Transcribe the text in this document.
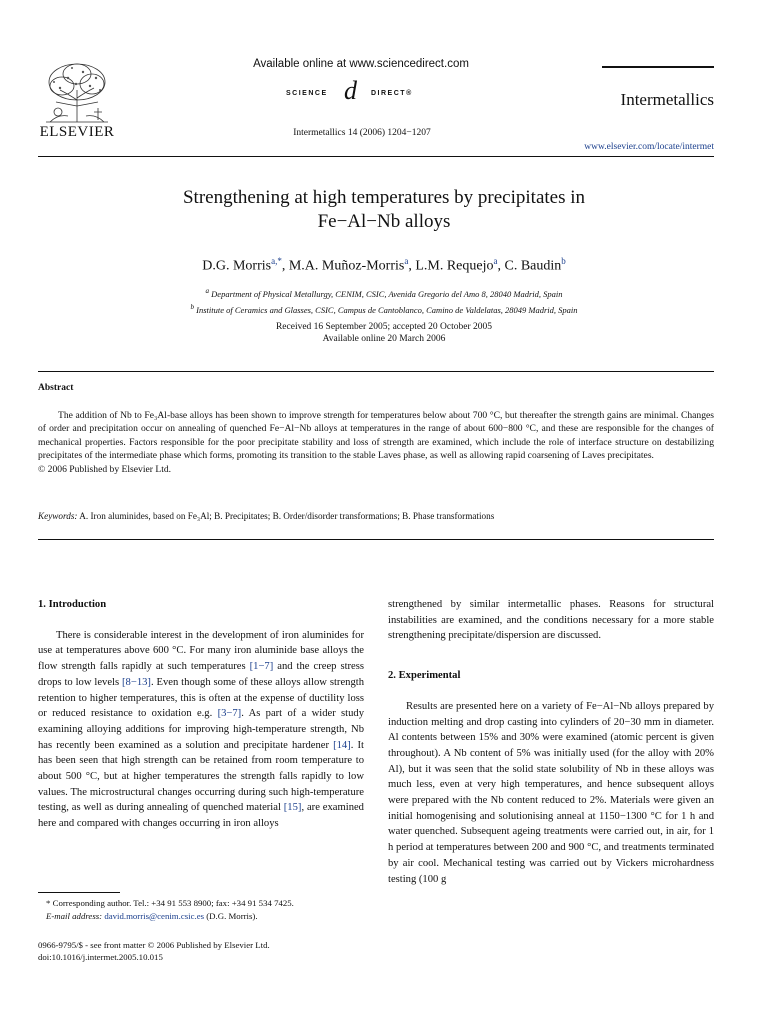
ELSEVIER
Available online at www.sciencedirect.com
SCIENCE d DIRECT®
Intermetallics 14 (2006) 1204−1207
Intermetallics
www.elsevier.com/locate/intermet
Strengthening at high temperatures by precipitates in
Fe−Al−Nb alloys
D.G. Morris$^{a,*}$, M.A. Muñoz-Morris$^a$, L.M. Requejo$^a$, C. Baudin$^b$
$^a$ Department of Physical Metallurgy, CENIM, CSIC, Avenida Gregorio del Amo 8, 28040 Madrid, Spain
$^b$ Institute of Ceramics and Glasses, CSIC, Campus de Cantoblanco, Camino de Valdelatas, 28049 Madrid, Spain
Received 16 September 2005; accepted 20 October 2005
Available online 20 March 2006
Abstract

The addition of Nb to Fe₃Al-base alloys has been shown to improve strength for temperatures below about 700 °C, but thereafter the strength gains are minimal. Changes of order and precipitation occur on annealing of quenched Fe−Al−Nb alloys at temperatures in the range of about 600−800 °C, and these are responsible for the changes of mechanical properties. Factors responsible for the poor precipitate stability and loss of strength are examined, which include the role of interface structure on destabilizing precipitates of the intermediate phase which forms, promoting its transition to the stable Laves phase, as well as allowing rapid coarsening of Laves precipitates.

© 2006 Published by Elsevier Ltd.

Keywords: A. Iron aluminides, based on Fe₃Al; B. Precipitates; B. Order/disorder transformations; B. Phase transformations
1. Introduction

There is considerable interest in the development of iron aluminides for use at temperatures above 600 °C. For many iron aluminide base alloys the flow strength falls rapidly at such temperatures [1−7] and the creep stress drops to low levels [8−13]. Even though some of these alloys allow strength retention to higher temperatures, this is often at the expense of ductility loss or reduced resistance to oxidation e.g. [3−7]. As part of a wider study examining alloying additions for improving high-temperature strength, Nb has recently been examined as a solution and precipitate hardener [14]. It has been seen that high strength can be retained from room temperature to about 500 °C, but at higher temperatures the strength falls rapidly to low values. The microstructural changes occurring during such high-temperature testing, as well as during annealing of quenched material [15], are examined here and compared with changes occurring in iron alloys

strengthened by similar intermetallic phases. Reasons for structural instabilities are examined, and the conditions necessary for a more stable strengthening precipitate/dispersion are discussed.

2. Experimental

Results are presented here on a variety of Fe−Al−Nb alloys prepared by induction melting and drop casting into cylinders of 20−30 mm in diameter. Al contents between 15% and 30% were examined (atomic percent is given throughout). A Nb content of 5% was initially used (for the alloy with 20% Al), but it was seen that the solid state solubility of Nb in these alloys was much less, even at very high temperatures, and hence subsequent alloys were prepared with the Nb content reduced to 2%. Materials were given an initial homogenising and solutionising anneal at 1150−1300 °C for 1 h and water quenched. Subsequent ageing treatments were carried out, in air, for 1 h period at temperatures between 200 and 900 °C, and treatments terminated by air cool. Mechanical testing was carried out by Vickers microhardness testing (100 g

* Corresponding author. Tel.: +34 91 553 8900; fax: +34 91 534 7425.

E-mail address: david.morris@cenim.csic.es (D.G. Morris).

0966-9795/$ - see front matter © 2006 Published by Elsevier Ltd.
doi:10.1016/j.intermet.2005.10.015
